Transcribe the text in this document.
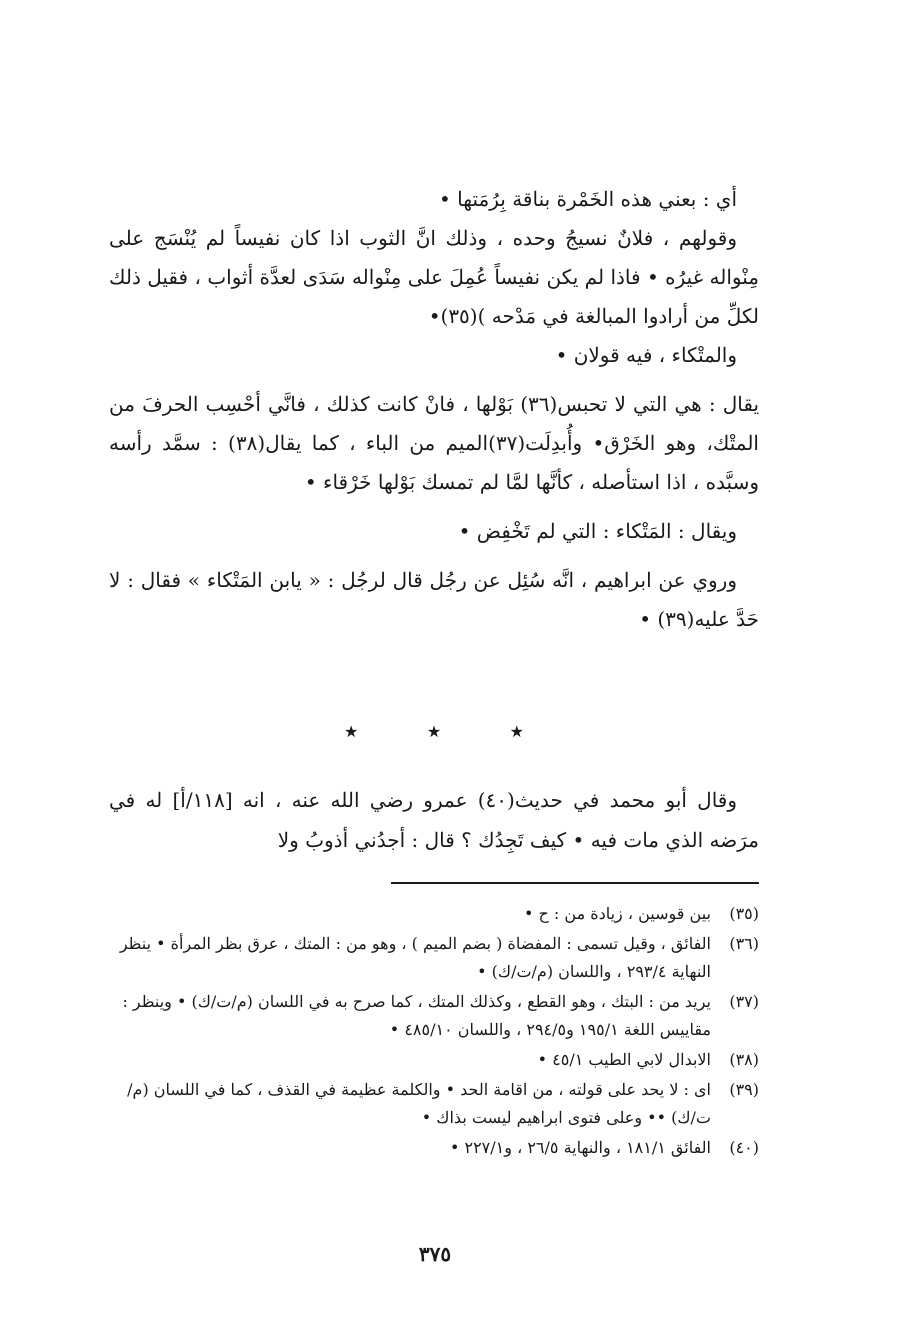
أي : بعني هذه الخَمْرة بناقة بِرُمَتها •

وقولهم ، فلانٌ نسيجُ وحده ، وذلك انَّ الثوب اذا كان نفيساً لم يُنْسَج على مِنْواله غيرُه • فاذا لم يكن نفيساً عُمِلَ على مِنْواله سَدَى لعدَّة أثواب ، فقيل ذلك لكلِّ من أرادوا المبالغة في مَدْحه )(٣٥)•

والمتْكاء ، فيه قولان •

يقال : هي التي لا تحبس(٣٦) بَوْلها ، فانْ كانت كذلك ، فانَّي أحْسِب الحرفَ من المتْك، وهو الخَرْق• وأُبدِلَت(٣٧)الميم من الباء ، كما يقال(٣٨) : سمَّد رأسه وسبَّده ، اذا استأصله ، كأنَّها لمَّا لم تمسك بَوْلها خَرْقاء •

ويقال : المَتْكاء : التي لم تَخْفِض •

وروي عن ابراهيم ، انَّه سُئِل عن رجُل قال لرجُل : « يابن المَتْكاء » فقال : لا حَدَّ عليه(٣٩) •

★	★	★

وقال أبو محمد في حديث(٤٠) عمرو رضي الله عنه ، انه [١١٨/أ] له في مرَضه الذي مات فيه • كيف تَجِدُك ؟ قال : أجدُني أذوبُ ولا

(٣٥)
بين قوسين ، زيادة من : ح •
(٣٦)
الفائق ، وقيل تسمى : المفضاة ( بضم الميم ) ، وهو من : المتك ، عرق بظر المرأة • ينظر النهاية ٢٩٣/٤ ، واللسان (م/ت/ك) •
(٣٧)
يريد من : البتك ، وهو القطع ، وكذلك المتك ، كما صرح به في اللسان (م/ت/ك) • وينظر : مقاييس اللغة ١٩٥/١ و٢٩٤/٥ ، واللسان ٤٨٥/١٠ •
(٣٨)
الابدال لابي الطيب ٤٥/١ •
(٣٩)
اى : لا يحد على قولته ، من اقامة الحد • والكلمة عظيمة في القذف ، كما في اللسان (م/ت/ك) •• وعلى فتوى ابراهيم ليست بذاك •
(٤٠)
الفائق ١٨١/١ ، والنهاية ٢٦/٥ ، و٢٢٧/١ •
٣٧٥
